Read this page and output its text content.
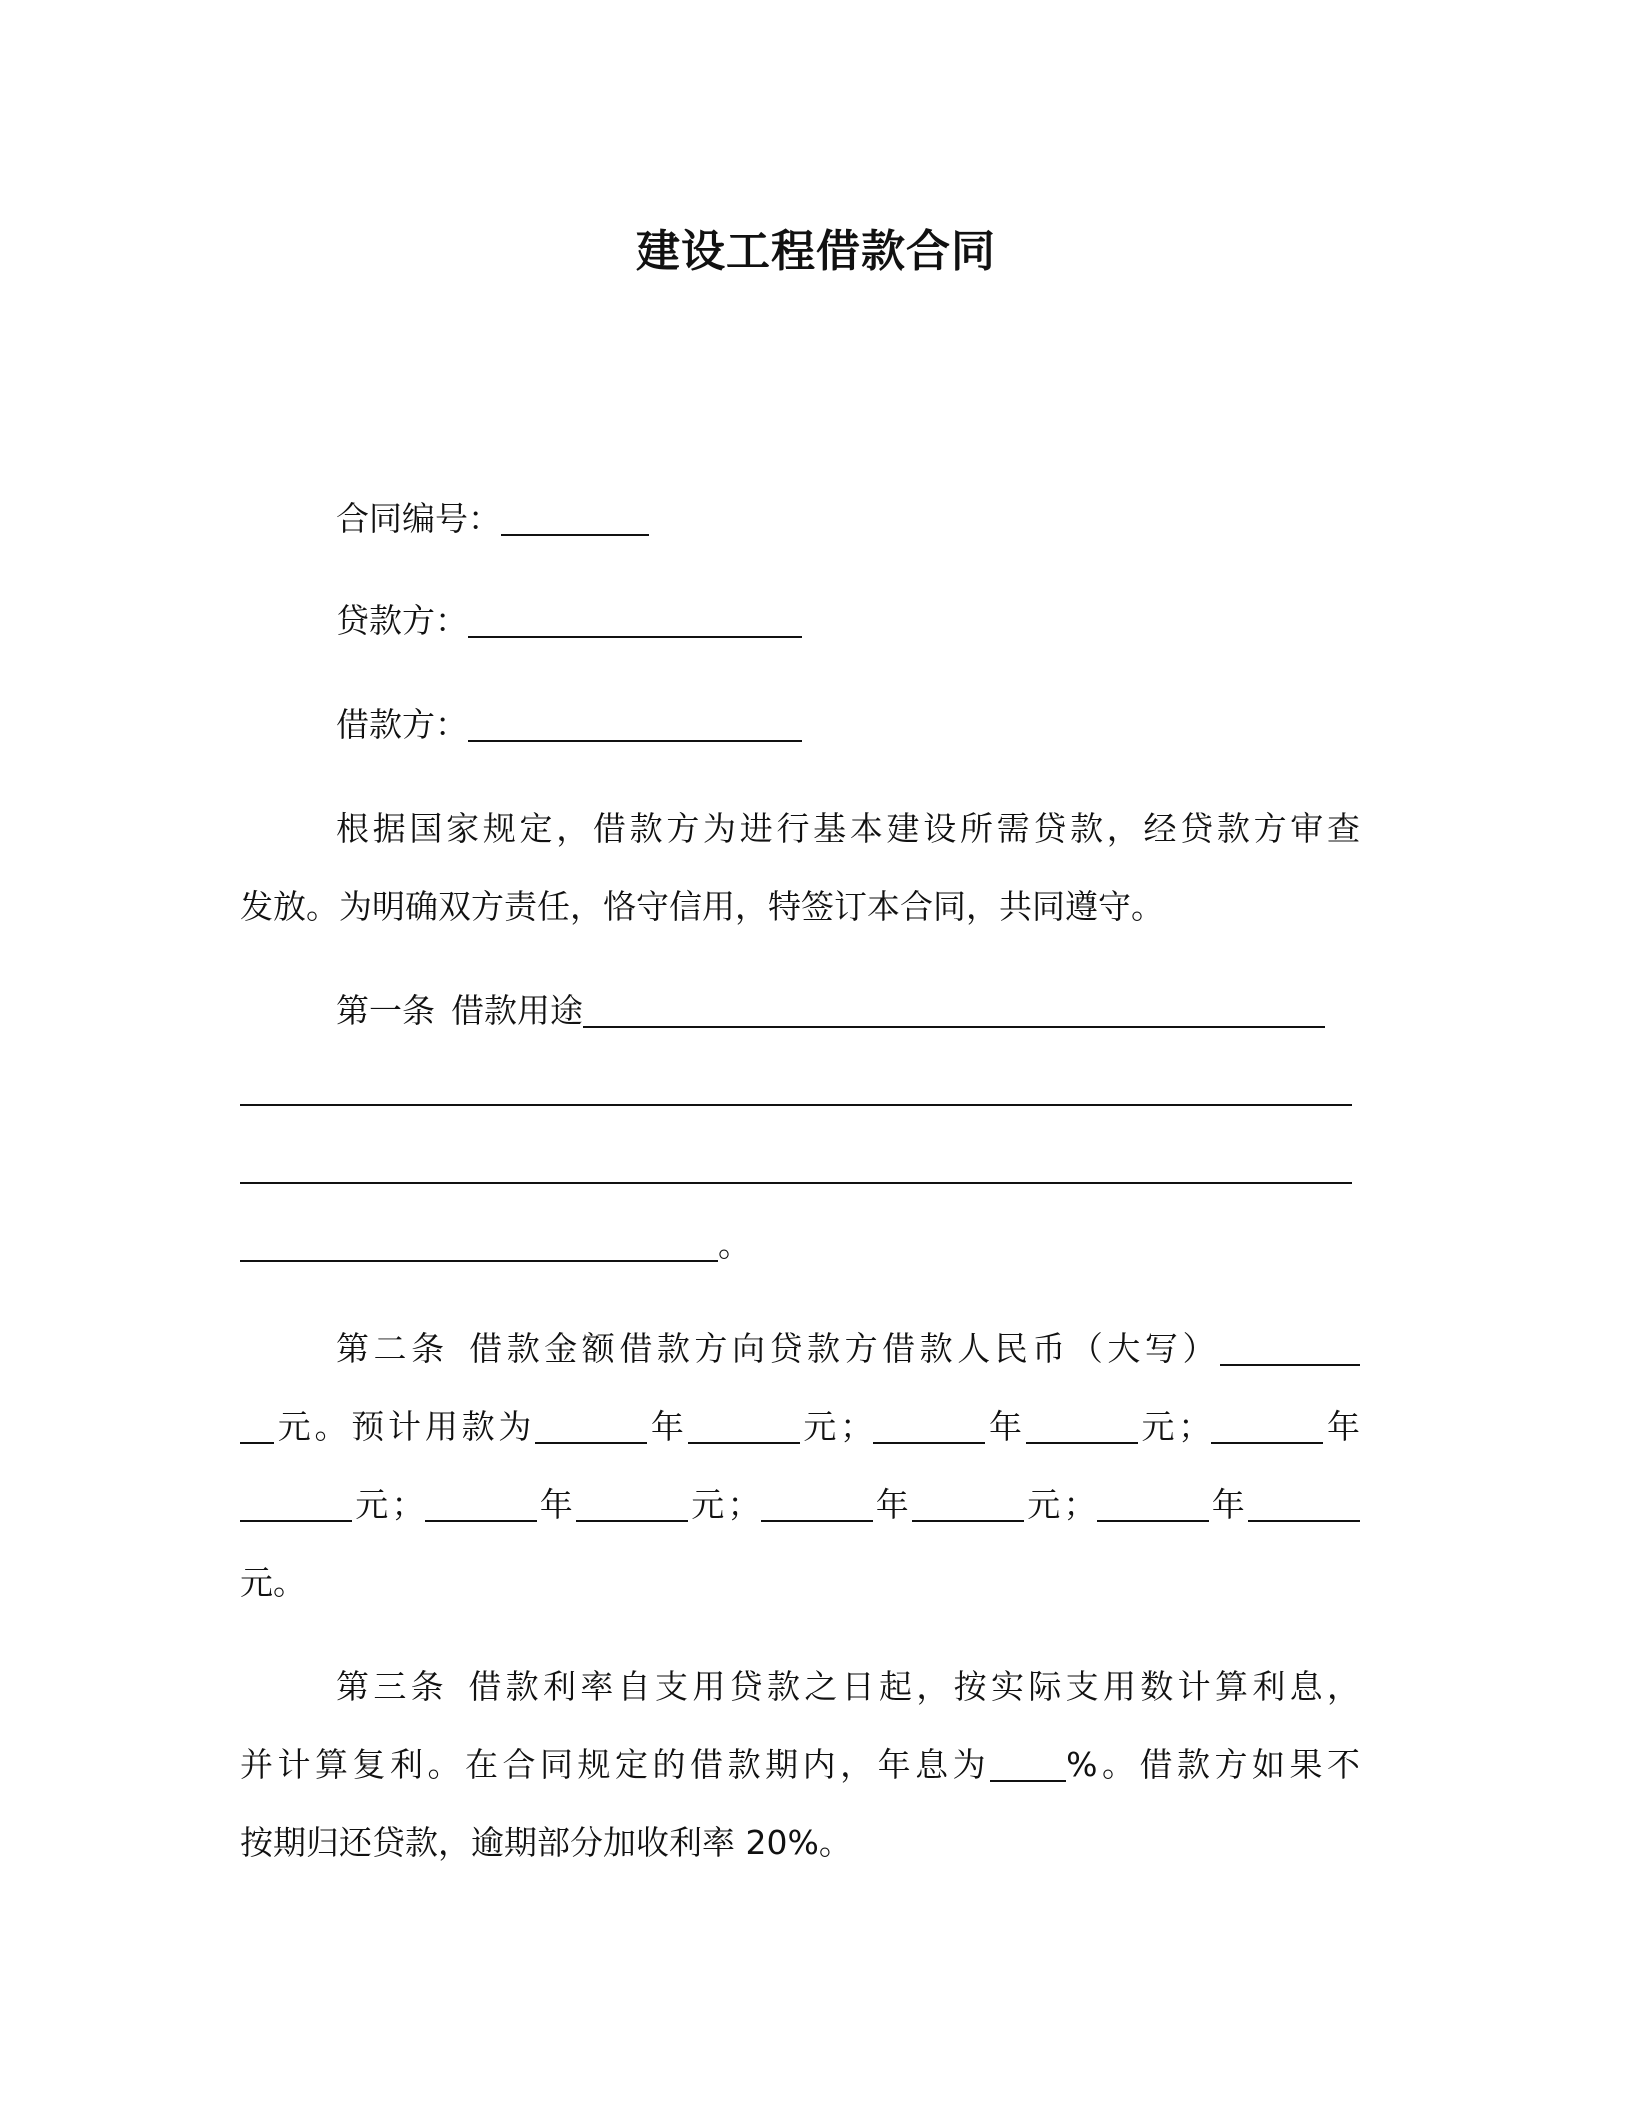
建设工程借款合同
合同编号：
贷款方：
借款方：
根据国家规定，借款方为进行基本建设所需贷款，经贷款方审查
发放。为明确双方责任，恪守信用，特签订本合同，共同遵守。
第一条 借款用途
。
第二条 借款金额借款方向贷款方借款人民币（大写）
元。预计用款为	年	元；	年	元；	年
元；	年	元；	年	元；	年
元。
第三条 借款利率自支用贷款之日起，按实际支用数计算利息，
并计算复利。在合同规定的借款期内，年息为 %。借款方如果不
按期归还贷款，逾期部分加收利率 20%。
